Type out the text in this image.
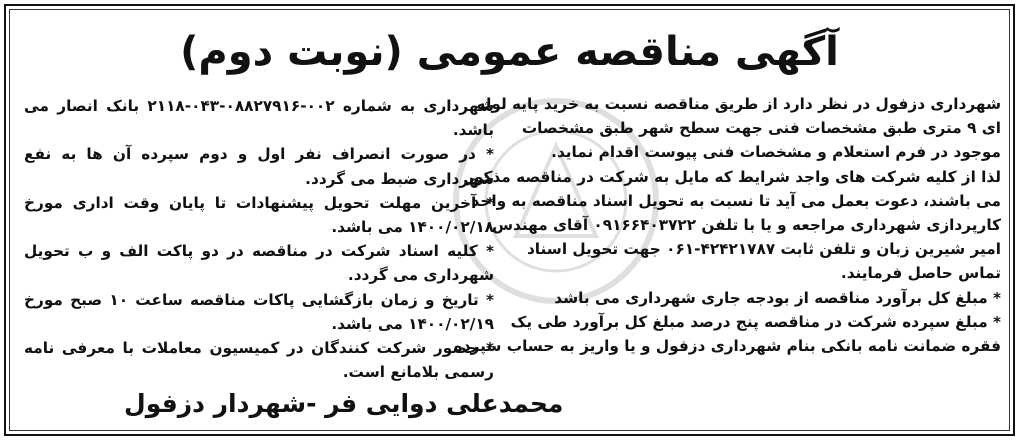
آگهی مناقصه عمومی (نوبت دوم)
شهرداری دزفول در نظر دارد از طریق مناقصه نسبت به خرید پایه لوله
ای ۹ متری طبق مشخصات فنی جهت سطح شهر طبق مشخصات
موجود در فرم استعلام و مشخصات فنی پیوست اقدام نماید.
لذا از کلیه شرکت های واجد شرایط که مایل به شرکت در مناقصه مذکور
می باشند، دعوت بعمل می آید تا نسبت به تحویل اسناد مناقصه به واحد
کارپردازی شهرداری مراجعه و یا با تلفن ۰۹۱۶۶۴۰۳۷۲۲ آقای مهندس
امیر شیرین زبان و تلفن ثابت ۴۲۴۲۱۷۸۷-۰۶۱ جهت تحویل اسناد
تماس حاصل فرمایند.
* مبلغ کل برآورد مناقصه از بودجه جاری شهرداری می باشد
* مبلغ سپرده شرکت در مناقصه پنج درصد مبلغ کل برآورد طی یک
فقره ضمانت نامه بانکی بنام شهرداری دزفول و یا واریز به حساب سپرده

شهرداری به شماره ۰۰۲-۰۸۸۲۷۹۱۶-۰۴۳-۲۱۱۸ بانک انصار می باشد.

* در صورت انصراف نفر اول و دوم سپرده آن ها به نفع شهرداری ضبط می گردد.

* آخرین مهلت تحویل پیشنهادات تا پایان وقت اداری مورخ ۱۴۰۰/۰۲/۱۸ می باشد.

* کلیه اسناد شرکت در مناقصه در دو پاکت الف و ب تحویل شهرداری می گردد.

* تاریخ و زمان بازگشایی پاکات مناقصه ساعت ۱۰ صبح مورخ ۱۴۰۰/۰۲/۱۹ می باشد.

* حضور شرکت کنندگان در کمیسیون معاملات با معرفی نامه رسمی بلامانع است.

محمدعلی دوایی فر -شهردار دزفول
